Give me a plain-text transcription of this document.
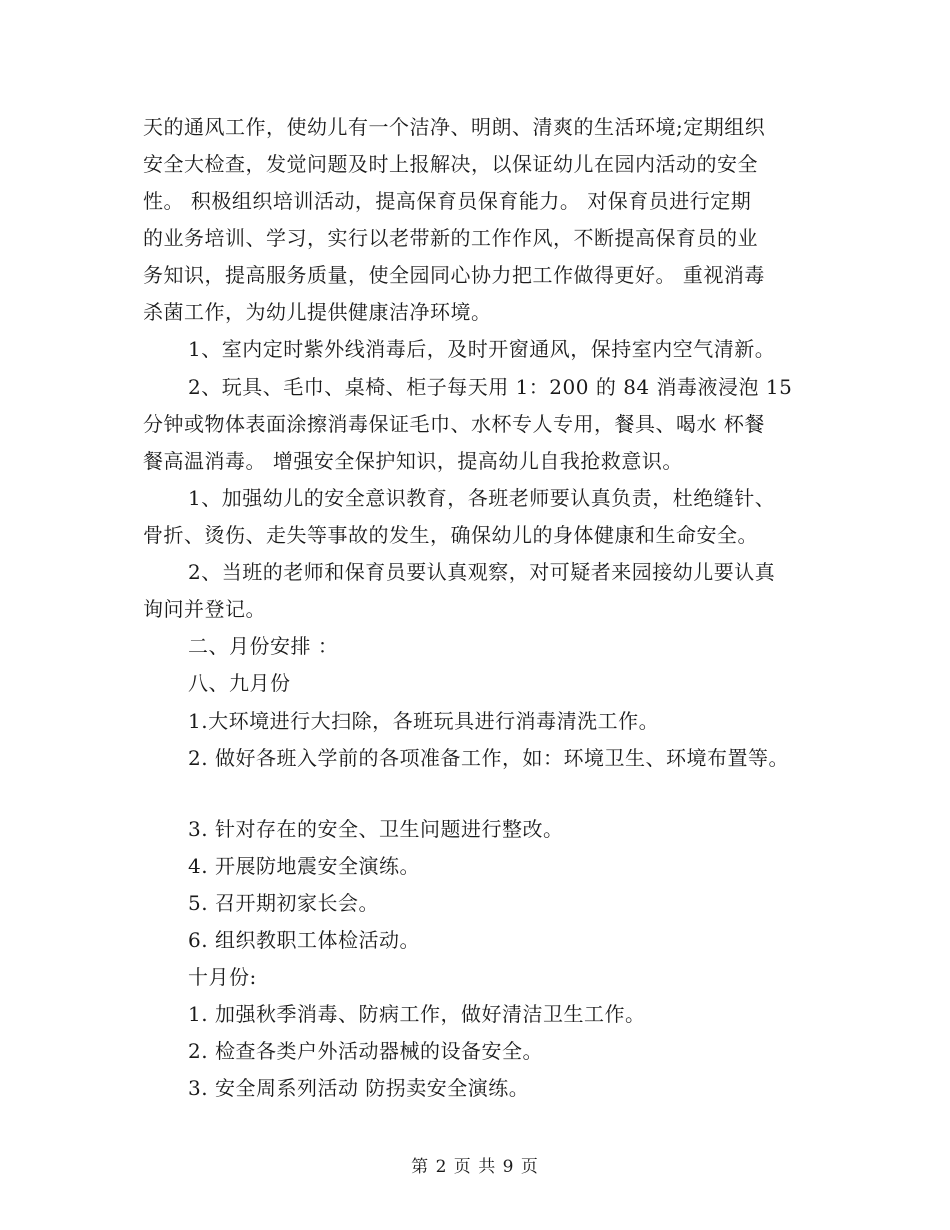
天的通风工作，使幼儿有一个洁净、明朗、清爽的生活环境;定期组织
安全大检查，发觉问题及时上报解决，以保证幼儿在园内活动的安全
性。 积极组织培训活动，提高保育员保育能力。 对保育员进行定期
的业务培训、学习，实行以老带新的工作作风，不断提高保育员的业
务知识，提高服务质量，使全园同心协力把工作做得更好。 重视消毒
杀菌工作，为幼儿提供健康洁净环境。
1、室内定时紫外线消毒后，及时开窗通风，保持室内空气清新。
2、玩具、毛巾、桌椅、柜子每天用 1：200 的 84 消毒液浸泡 15
分钟或物体表面涂擦消毒保证毛巾、水杯专人专用，餐具、喝水 杯餐
餐高温消毒。 增强安全保护知识，提高幼儿自我抢救意识。
1、加强幼儿的安全意识教育，各班老师要认真负责，杜绝缝针、
骨折、烫伤、走失等事故的发生，确保幼儿的身体健康和生命安全。
2、当班的老师和保育员要认真观察，对可疑者来园接幼儿要认真
询问并登记。
二、月份安排 ：
八、九月份
1.大环境进行大扫除，各班玩具进行消毒清洗工作。
2. 做好各班入学前的各项准备工作，如：环境卫生、环境布置等。
3. 针对存在的安全、卫生问题进行整改。
4. 开展防地震安全演练。
5. 召开期初家长会。
6. 组织教职工体检活动。
十月份:
1. 加强秋季消毒、防病工作，做好清洁卫生工作。
2. 检查各类户外活动器械的设备安全。
3. 安全周系列活动 防拐卖安全演练。
第 2 页 共 9 页
